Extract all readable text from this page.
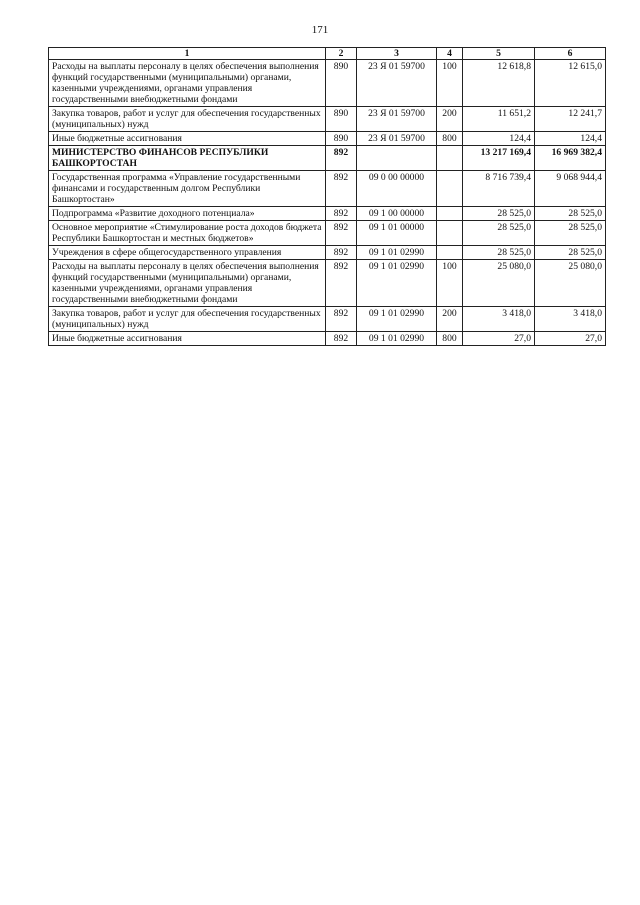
171
1	2	3	4	5	6
Расходы на выплаты персоналу в целях обеспечения выполнения функций государственными (муниципальными) органами, казенными учреждениями, органами управления государственными внебюджетными фондами	890	23 Я 01 59700	100	12 618,8	12 615,0
Закупка товаров, работ и услуг для обеспечения государственных (муниципальных) нужд	890	23 Я 01 59700	200	11 651,2	12 241,7
Иные бюджетные ассигнования	890	23 Я 01 59700	800	124,4	124,4
МИНИСТЕРСТВО ФИНАНСОВ РЕСПУБЛИКИ БАШКОРТОСТАН	892			13 217 169,4	16 969 382,4
Государственная программа «Управление государственными финансами и государственным долгом Республики Башкортостан»	892	09 0 00 00000		8 716 739,4	9 068 944,4
Подпрограмма «Развитие доходного потенциала»	892	09 1 00 00000		28 525,0	28 525,0
Основное мероприятие «Стимулирование роста доходов бюджета Республики Башкортостан и местных бюджетов»	892	09 1 01 00000		28 525,0	28 525,0
Учреждения в сфере общегосударственного управления	892	09 1 01 02990		28 525,0	28 525,0
Расходы на выплаты персоналу в целях обеспечения выполнения функций государственными (муниципальными) органами, казенными учреждениями, органами управления государственными внебюджетными фондами	892	09 1 01 02990	100	25 080,0	25 080,0
Закупка товаров, работ и услуг для обеспечения государственных (муниципальных) нужд	892	09 1 01 02990	200	3 418,0	3 418,0
Иные бюджетные ассигнования	892	09 1 01 02990	800	27,0	27,0
